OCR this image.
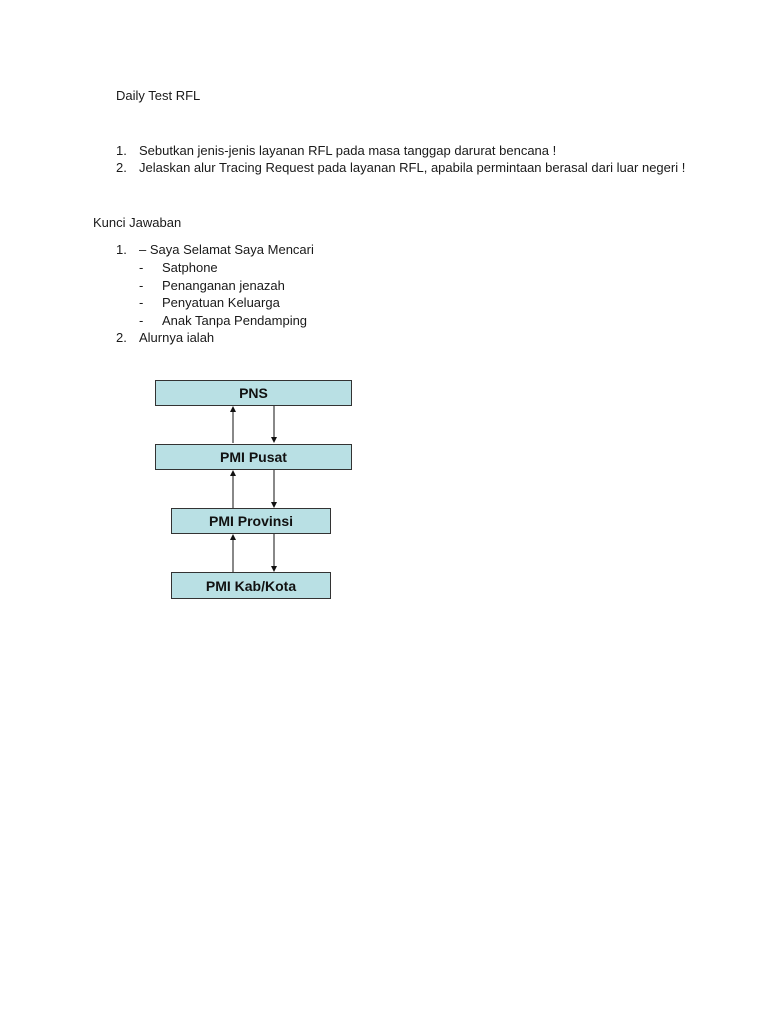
Daily Test RFL
1. Sebutkan jenis-jenis layanan RFL pada masa tanggap darurat bencana !
2. Jelaskan alur Tracing Request pada layanan RFL, apabila permintaan berasal dari luar negeri !
Kunci Jawaban
1. – Saya Selamat Saya Mencari
- Satphone
- Penanganan jenazah
- Penyatuan Keluarga
- Anak Tanpa Pendamping
2. Alurnya ialah
PNS
PMI Pusat
PMI Provinsi
PMI Kab/Kota
